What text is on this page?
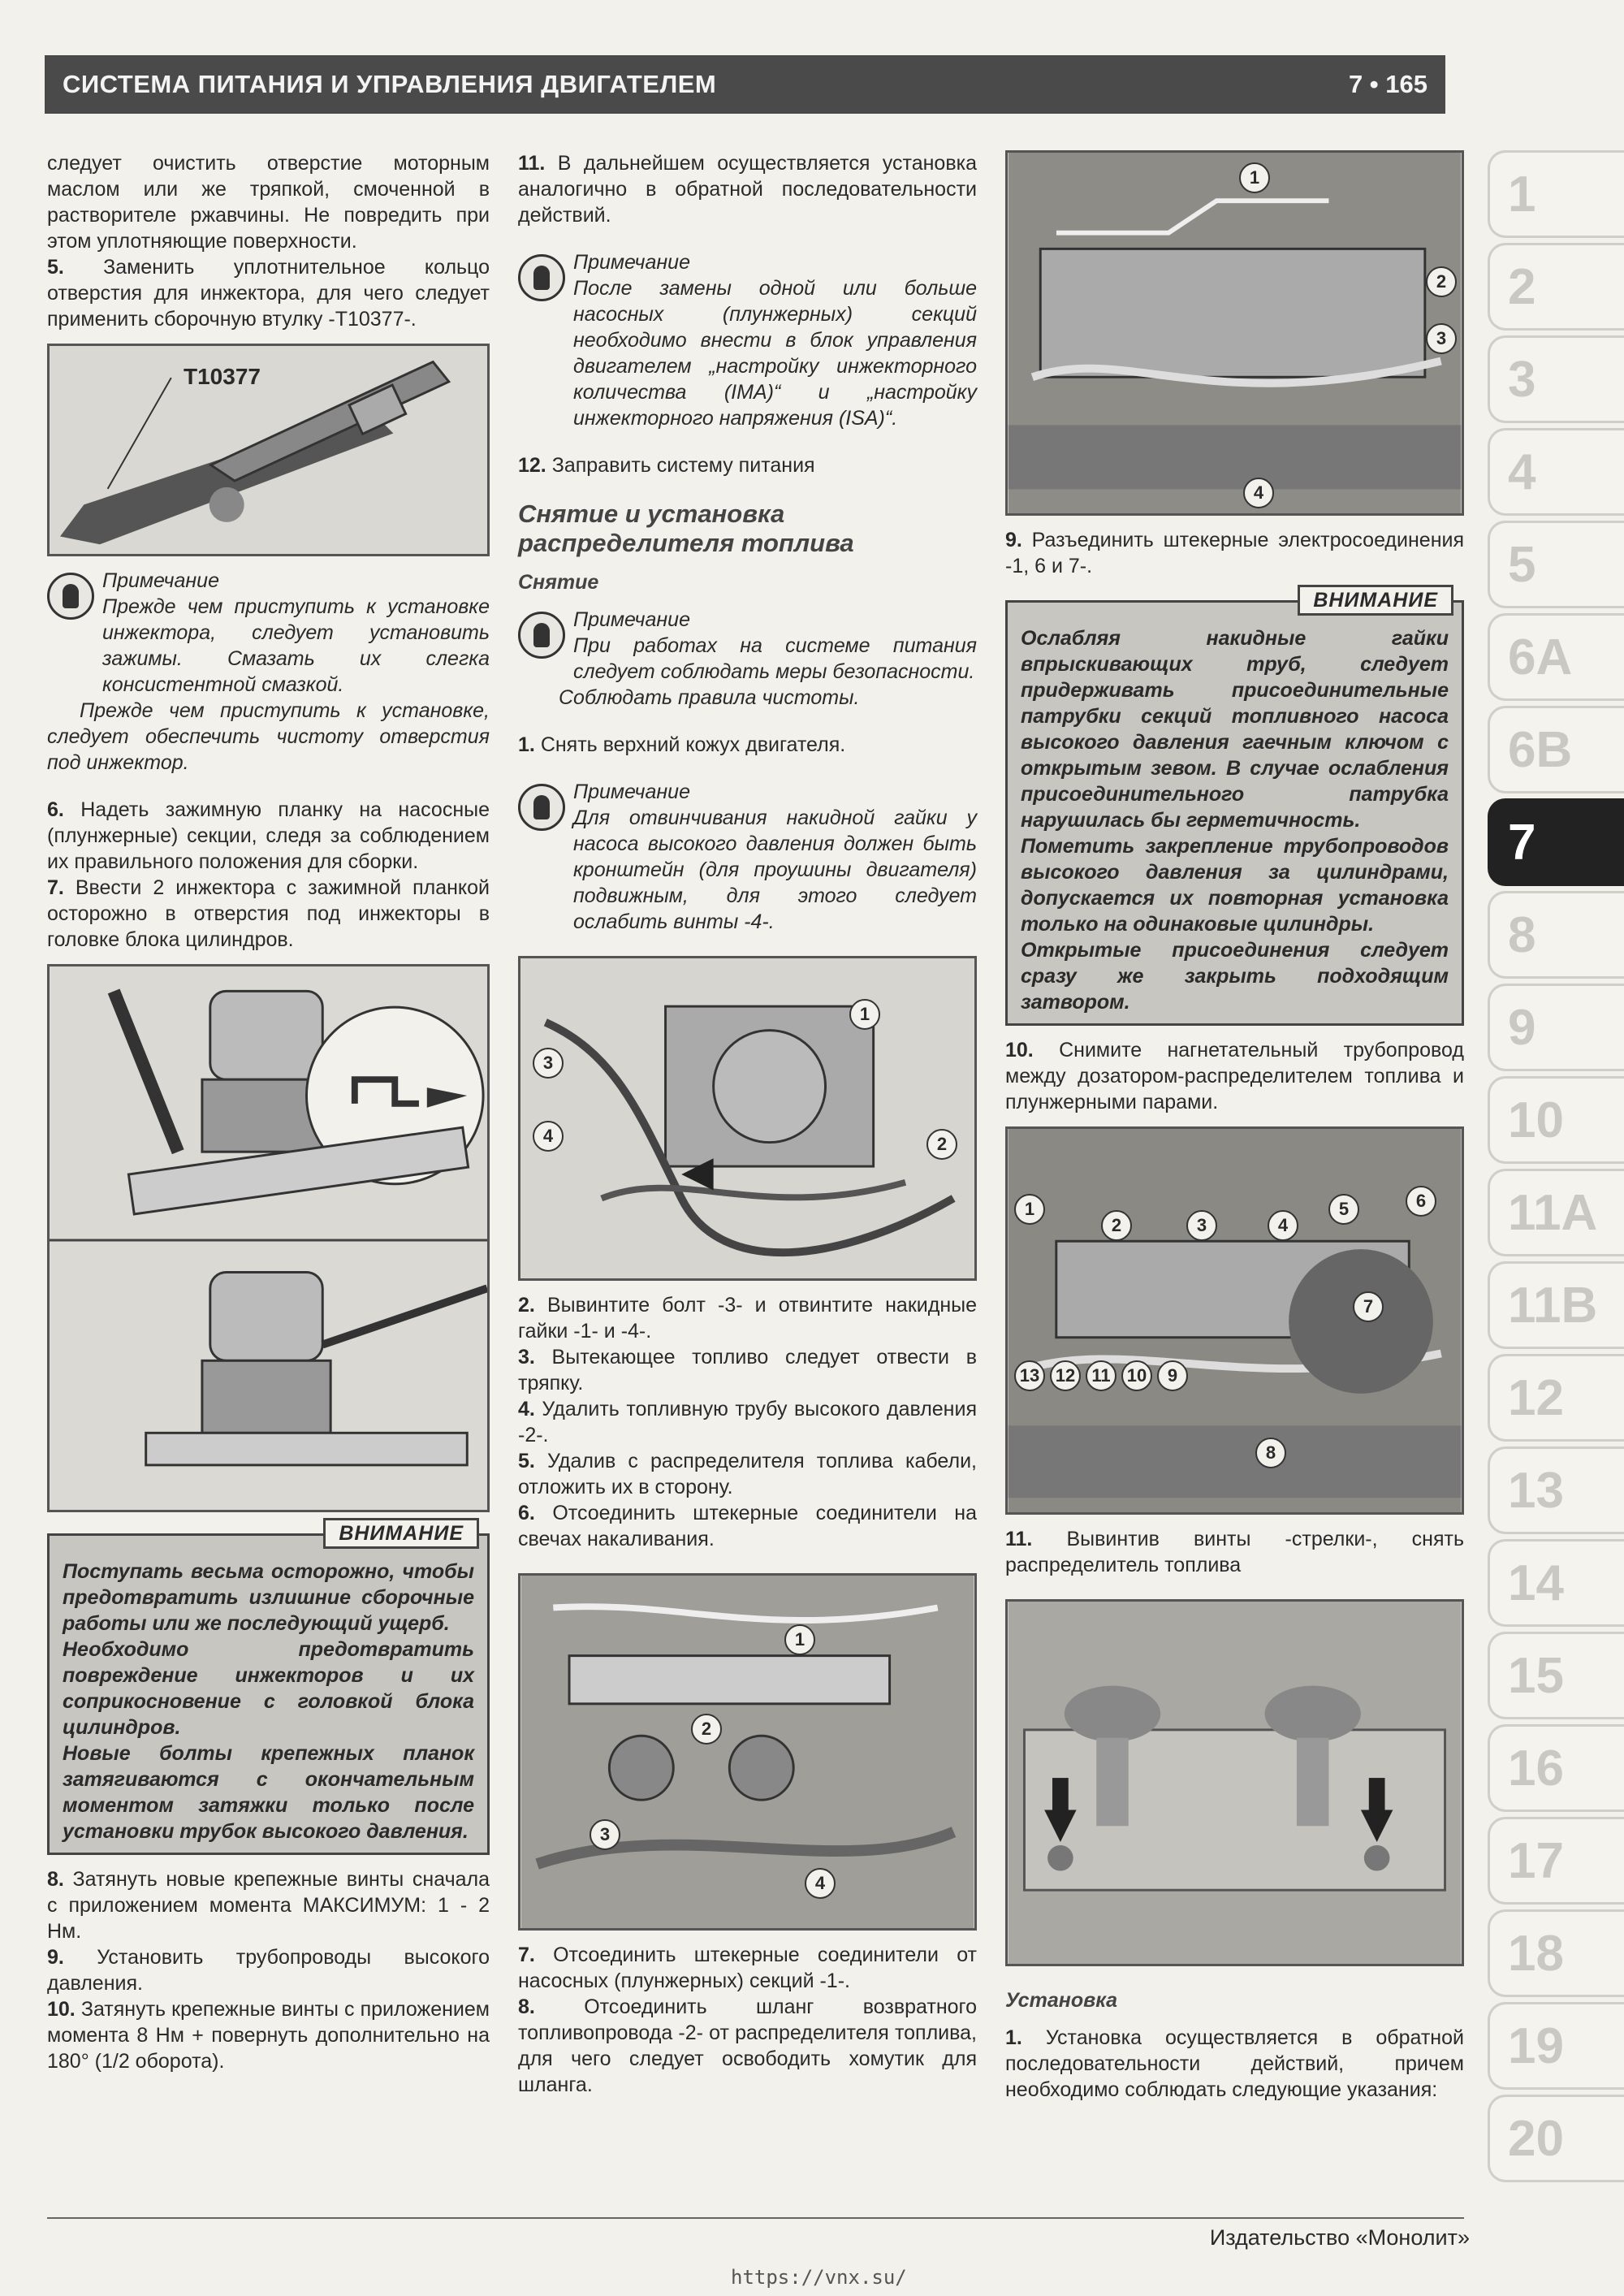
СИСТЕМА ПИТАНИЯ И УПРАВЛЕНИЯ ДВИГАТЕЛЕМ	7 • 165

следует очистить отверстие моторным маслом или же тряпкой, смоченной в растворителе ржавчины. Не повредить при этом уплотняющие поверхности.

5. Заменить уплотнительное кольцо отверстия для инжектора, для чего следует применить сборочную втулку -T10377-.

T10377
Примечание
Прежде чем приступить к установке инжектора, следует установить зажимы. Смазать их слегка консистентной смазкой.

Прежде чем приступить к установке, следует обеспечить чистоту отверстия под инжектор.

6. Надеть зажимную планку на насосные (плунжерные) секции, следя за соблюдением их правильного положения для сборки.

7. Ввести 2 инжектора с зажимной планкой осторожно в отверстия под инжекторы в головке блока цилиндров.

ВНИМАНИЕ

Поступать весьма осторожно, чтобы предотвратить излишние сборочные работы или же последующий ущерб.

Необходимо предотвратить повреждение инжекторов и их соприкосновение с головкой блока цилиндров.

Новые болты крепежных планок затягиваются с окончательным моментом затяжки только после установки трубок высокого давления.

8. Затянуть новые крепежные винты сначала с приложением момента МАКСИМУМ: 1 - 2 Нм.

9. Установить трубопроводы высокого давления.

10. Затянуть крепежные винты с приложением момента 8 Нм + повернуть дополнительно на 180° (1/2 оборота).

11. В дальнейшем осуществляется установка аналогично в обратной последовательности действий.

Примечание
После замены одной или больше насосных (плунжерных) секций необходимо внести в блок управления двигателем „настройку инжекторного количества (IMA)“ и „настройку инжекторного напряжения (ISA)“.

12. Заправить систему питания

Снятие и установка распределителя топлива
Снятие
Примечание
При работах на системе питания следует соблюдать меры безопасности.

Соблюдать правила чистоты.

1. Снять верхний кожух двигателя.

Примечание
Для отвинчивания накидной гайки у насоса высокого давления должен быть кронштейн (для проушины двигателя) подвижным, для этого следует ослабить винты -4-.
1
2
3
4

2. Вывинтите болт -3- и отвинтите накидные гайки -1- и -4-.

3. Вытекающее топливо следует отвести в тряпку.

4. Удалить топливную трубу высокого давления -2-.

5. Удалив с распределителя топлива кабели, отложить их в сторону.

6. Отсоединить штекерные соединители на свечах накаливания.

1
2
3
4

7. Отсоединить штекерные соединители от насосных (плунжерных) секций -1-.

8. Отсоединить шланг возвратного топливопровода -2- от распределителя топлива, для чего следует освободить хомутик для шланга.

1
2
3
4

9. Разъединить штекерные электросоединения -1, 6 и 7-.

ВНИМАНИЕ

Ослабляя накидные гайки впрыскивающих труб, следует придерживать присоединительные патрубки секций топливного насоса высокого давления гаечным ключом с открытым зевом. В случае ослабления присоединительного патрубка нарушилась бы герметичность.

Пометить закрепление трубопроводов высокого давления за цилиндрами, допускается их повторная установка только на одинаковые цилиндры.

Открытые присоединения следует сразу же закрыть подходящим затвором.

10. Снимите нагнетательный трубопровод между дозатором-распределителем топлива и плунжерными парами.

1
2	3	4
5	6
7
8
13 12 11 10	9

11. Вывинтив винты -стрелки-, снять распределитель топлива

Установка

1. Установка осуществляется в обратной последовательности действий, причем необходимо соблюдать следующие указания:

1
2
3
4
5
6A
6B
7
8
9
10
11A
11B
12
13
14
15
16
17
18
19
20
Издательство «Монолит»
https://vnx.su/
